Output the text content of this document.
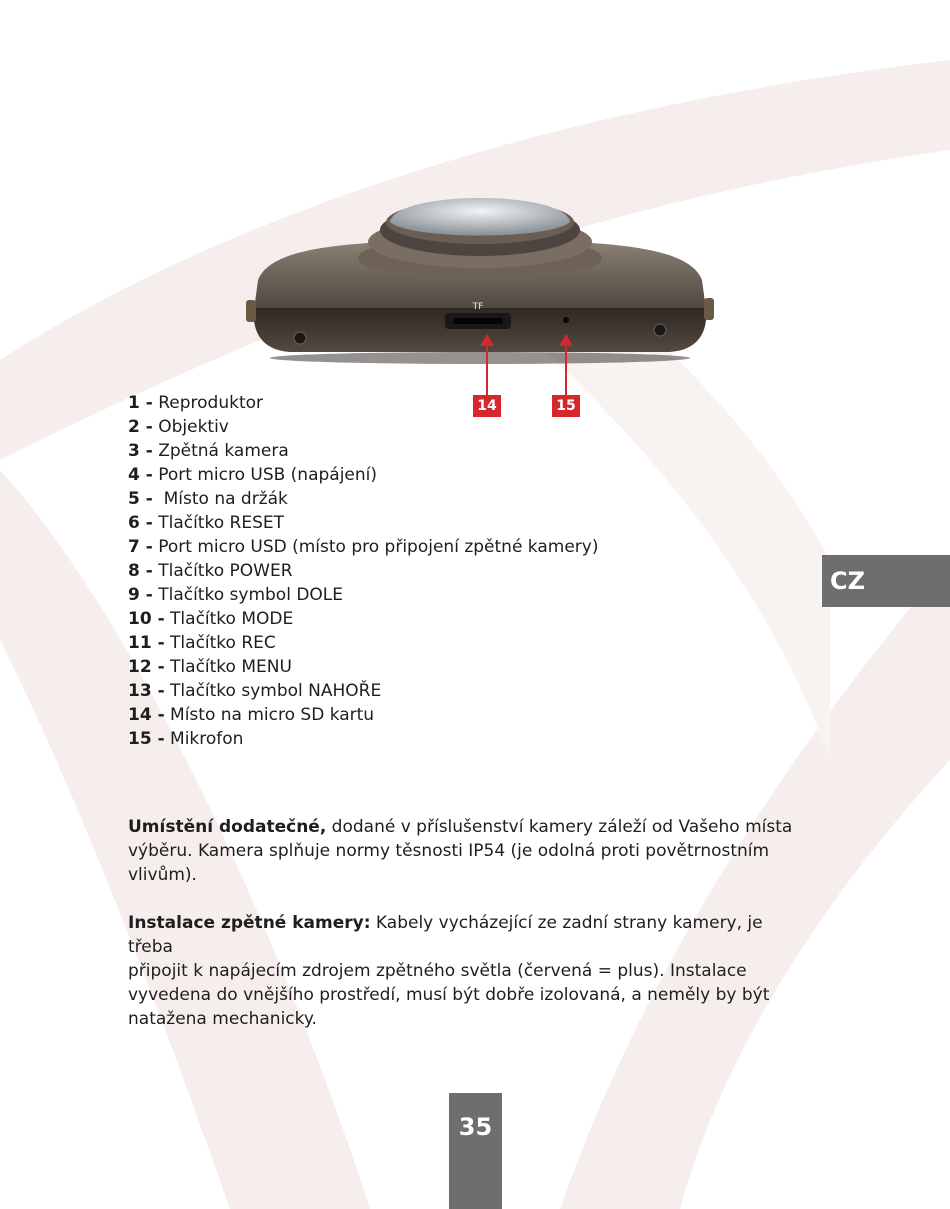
TF
14	15
1 - Reproduktor
2 - Objektiv
3 - Zpětná kamera
4 - Port micro USB (napájení)
5 -  Místo na držák
6 - Tlačítko RESET
7 - Port micro USD (místo pro připojení zpětné kamery)
8 - Tlačítko POWER
9 - Tlačítko symbol DOLE
10 - Tlačítko MODE
11 - Tlačítko REC
12 - Tlačítko MENU
13 - Tlačítko symbol NAHOŘE
14 - Místo na micro SD kartu
15 - Mikrofon

Umístění dodatečné, dodané v příslušenství kamery záleží od Vašeho místa
výběru. Kamera splňuje normy těsnosti IP54 (je odolná proti povětrnostním
vlivům).

Instalace zpětné kamery: Kabely vycházející ze zadní strany kamery, je třeba
připojit k napájecím zdrojem zpětného světla (červená = plus). Instalace
vyvedena do vnějšího prostředí, musí být dobře izolovaná, a neměly by být
natažena mechanicky.

CZ
35
